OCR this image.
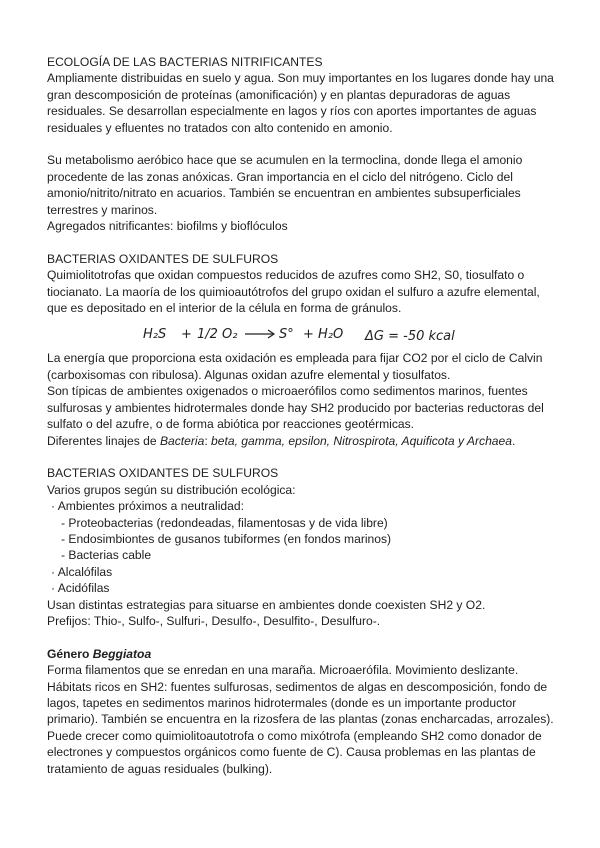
ECOLOGÍA DE LAS BACTERIAS NITRIFICANTES

Ampliamente distribuidas en suelo y agua. Son muy importantes en los lugares donde hay una gran descomposición de proteínas (amonificación) y en plantas depuradoras de aguas residuales. Se desarrollan especialmente en lagos y ríos con aportes importantes de aguas residuales y efluentes no tratados con alto contenido en amonio.

Su metabolismo aeróbico hace que se acumulen en la termoclina, donde llega el amonio procedente de las zonas anóxicas. Gran importancia en el ciclo del nitrógeno. Ciclo del amonio/nitrito/nitrato en acuarios. También se encuentran en ambientes subsuperficiales terrestres y marinos.

Agregados nitrificantes: biofilms y bioflóculos

BACTERIAS OXIDANTES DE SULFUROS

Quimiolitotrofas que oxidan compuestos reducidos de azufres como SH2, S0, tiosulfato o tiocianato. La maoría de los quimioautótrofos del grupo oxidan el sulfuro a azufre elemental, que es depositado en el interior de la célula en forma de gránulos.

H₂S + 1/2 O₂	S° + H₂O ΔG = -50 kcal

La energía que proporciona esta oxidación es empleada para fijar CO2 por el ciclo de Calvin (carboxisomas con ribulosa). Algunas oxidan azufre elemental y tiosulfatos.

Son típicas de ambientes oxigenados o microaerófilos como sedimentos marinos, fuentes sulfurosas y ambientes hidrotermales donde hay SH2 producido por bacterias reductoras del sulfato o del azufre, o de forma abiótica por reacciones geotérmicas.

Diferentes linajes de Bacteria: beta, gamma, epsilon, Nitrospirota, Aquificota y Archaea.

BACTERIAS OXIDANTES DE SULFUROS

Varios grupos según su distribución ecológica:

· Ambientes próximos a neutralidad:

- Proteobacterias (redondeadas, filamentosas y de vida libre)

- Endosimbiontes de gusanos tubiformes (en fondos marinos)

- Bacterias cable

· Alcalófilas

· Acidófilas

Usan distintas estrategias para situarse en ambientes donde coexisten SH2 y O2.

Prefijos: Thio-, Sulfo-, Sulfuri-, Desulfo-, Desulfito-, Desulfuro-.

Género Beggiatoa

Forma filamentos que se enredan en una maraña. Microaerófila. Movimiento deslizante.

Hábitats ricos en SH2: fuentes sulfurosas, sedimentos de algas en descomposición, fondo de lagos, tapetes en sedimentos marinos hidrotermales (donde es un importante productor primario). También se encuentra en la rizosfera de las plantas (zonas encharcadas, arrozales).

Puede crecer como quimiolitoautotrofa o como mixótrofa (empleando SH2 como donador de electrones y compuestos orgánicos como fuente de C). Causa problemas en las plantas de tratamiento de aguas residuales (bulking).
